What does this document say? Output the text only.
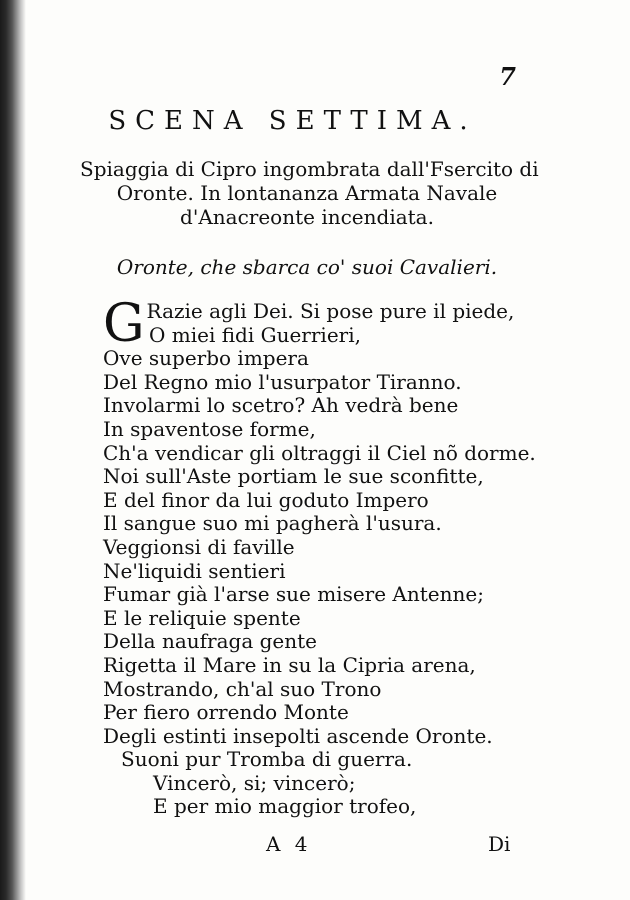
7
SCENA SETTIMA.
Spiaggia di Cipro ingombrata dall'Fsercito di
Oronte. In lontananza Armata Navale
d'Anacreonte incendiata.
Oronte, che sbarca co' suoi Cavalieri.
G Razie agli Dei. Si pose pure il piede,
O miei fidi Guerrieri,
Ove superbo impera
Del Regno mio l'usurpator Tiranno.
Involarmi lo scetro? Ah vedrà bene
In spaventose forme,
Ch'a vendicar gli oltraggi il Ciel nõ dorme.
Noi sull'Aste portiam le sue sconfitte,
E del finor da lui goduto Impero
Il sangue suo mi pagherà l'usura.
Veggionsi di faville
Ne'liquidi sentieri
Fumar già l'arse sue misere Antenne;
E le reliquie spente
Della naufraga gente
Rigetta il Mare in su la Cipria arena,
Mostrando, ch'al suo Trono
Per fiero orrendo Monte
Degli estinti insepolti ascende Oronte.
Suoni pur Tromba di guerra.
Vincerò, si; vincerò;
E per mio maggior trofeo,
A 4	Di
